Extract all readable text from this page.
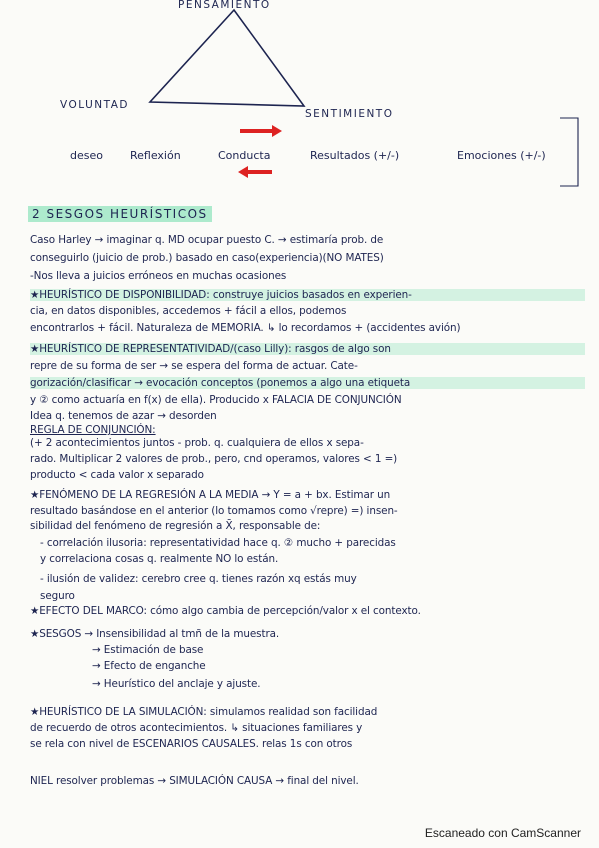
PENSAMIENTO
VOLUNTAD
SENTIMIENTO
deseo Reflexión	Conducta	Resultados (+/-)	Emociones (+/-)
2 SESGOS HEURÍSTICOS
Caso Harley → imaginar q. MD ocupar puesto C. → estimaría prob. de
conseguirlo (juicio de prob.) basado en caso(experiencia)(NO MATES)
-Nos lleva a juicios erróneos en muchas ocasiones
★HEURÍSTICO DE DISPONIBILIDAD: construye juicios basados en experien-
cia, en datos disponibles, accedemos + fácil a ellos, podemos
encontrarlos + fácil. Naturaleza de MEMORIA. ↳ lo recordamos + (accidentes avión)
★HEURÍSTICO DE REPRESENTATIVIDAD/(caso Lilly): rasgos de algo son
repre de su forma de ser → se espera del forma de actuar. Cate-
gorización/clasificar → evocación conceptos (ponemos a algo una etiqueta
y ② como actuaría en f(x) de ella). Producido x FALACIA DE CONJUNCIÓN
Idea q. tenemos de azar → desorden
REGLA DE CONJUNCIÓN:
(+ 2 acontecimientos juntos - prob. q. cualquiera de ellos x sepa-
rado. Multiplicar 2 valores de prob., pero, cnd operamos, valores < 1 =)
producto < cada valor x separado
★FENÓMENO DE LA REGRESIÓN A LA MEDIA → Y = a + bx. Estimar un
resultado basándose en el anterior (lo tomamos como √repre) =) insen-
sibilidad del fenómeno de regresión a X̄, responsable de:
- correlación ilusoria: representatividad hace q. ② mucho + parecidas
y correlaciona cosas q. realmente NO lo están.
- ilusión de validez: cerebro cree q. tienes razón xq estás muy
seguro
★EFECTO DEL MARCO: cómo algo cambia de percepción/valor x el contexto.
★SESGOS → Insensibilidad al tmñ de la muestra.
→ Estimación de base
→ Efecto de enganche
→ Heurístico del anclaje y ajuste.
★HEURÍSTICO DE LA SIMULACIÓN: simulamos realidad son facilidad
de recuerdo de otros acontecimientos. ↳ situaciones familiares y
se rela con nivel de ESCENARIOS CAUSALES. relas 1s con otros
NIEL resolver problemas → SIMULACIÓN CAUSA → final del nivel.
Escaneado con CamScanner
